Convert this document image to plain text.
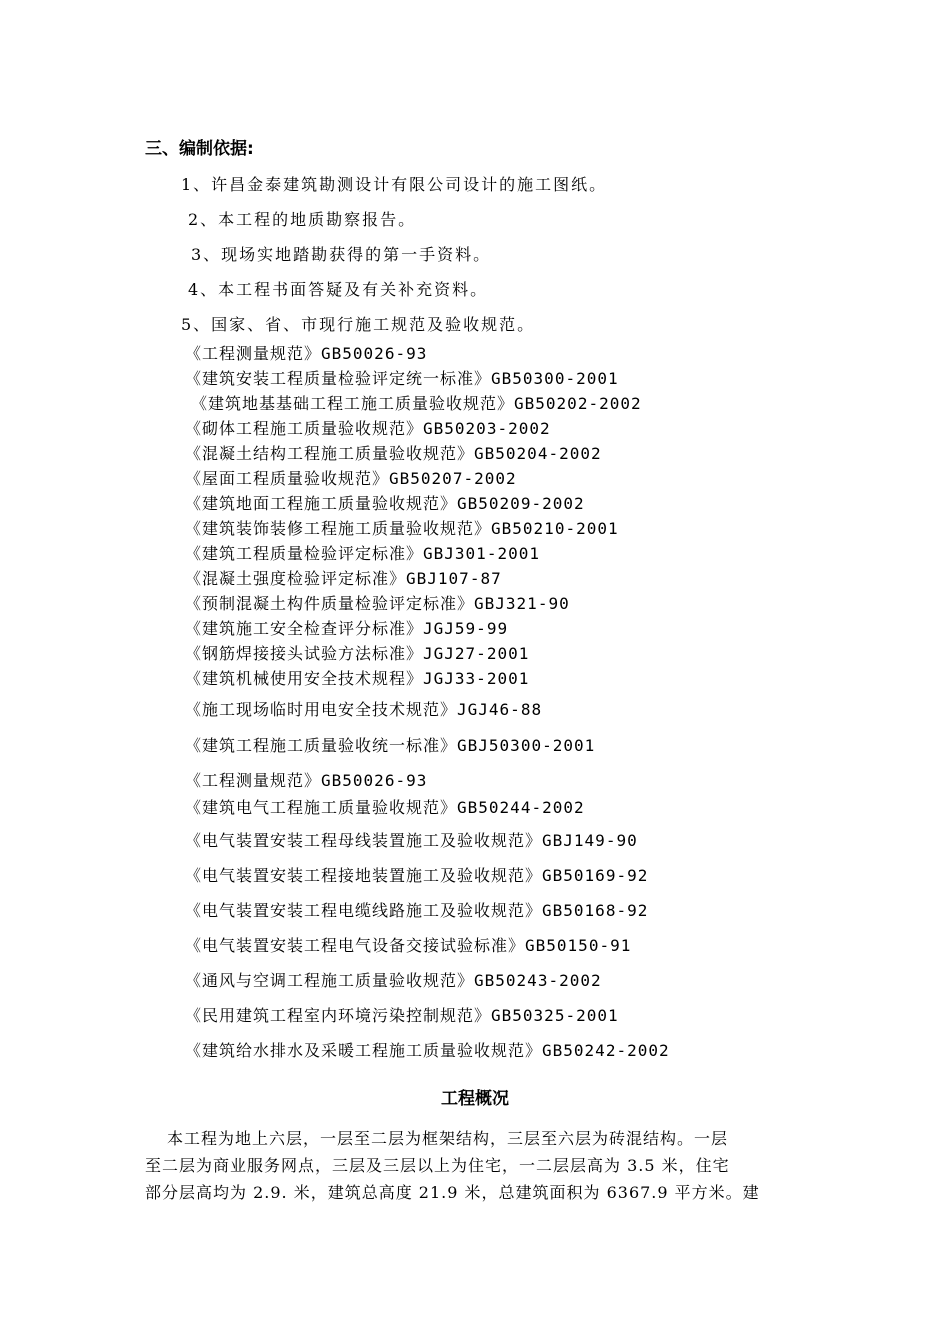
三、编制依据:
1、许昌金泰建筑勘测设计有限公司设计的施工图纸。
2、本工程的地质勘察报告。
3、现场实地踏勘获得的第一手资料。
4、本工程书面答疑及有关补充资料。
5、国家、省、市现行施工规范及验收规范。
《工程测量规范》GB50026-93
《建筑安装工程质量检验评定统一标准》GB50300-2001
《建筑地基基础工程工施工质量验收规范》GB50202-2002
《砌体工程施工质量验收规范》GB50203-2002
《混凝土结构工程施工质量验收规范》GB50204-2002
《屋面工程质量验收规范》GB50207-2002
《建筑地面工程施工质量验收规范》GB50209-2002
《建筑装饰装修工程施工质量验收规范》GB50210-2001
《建筑工程质量检验评定标准》GBJ301-2001
《混凝土强度检验评定标准》GBJ107-87
《预制混凝土构件质量检验评定标准》GBJ321-90
《建筑施工安全检查评分标准》JGJ59-99
《钢筋焊接接头试验方法标准》JGJ27-2001
《建筑机械使用安全技术规程》JGJ33-2001
《施工现场临时用电安全技术规范》JGJ46-88
《建筑工程施工质量验收统一标准》GBJ50300-2001
《工程测量规范》GB50026-93
《建筑电气工程施工质量验收规范》GB50244-2002
《电气装置安装工程母线装置施工及验收规范》GBJ149-90
《电气装置安装工程接地装置施工及验收规范》GB50169-92
《电气装置安装工程电缆线路施工及验收规范》GB50168-92
《电气装置安装工程电气设备交接试验标准》GB50150-91
《通风与空调工程施工质量验收规范》GB50243-2002
《民用建筑工程室内环境污染控制规范》GB50325-2001
《建筑给水排水及采暖工程施工质量验收规范》GB50242-2002
工程概况
本工程为地上六层，一层至二层为框架结构，三层至六层为砖混结构。一层
至二层为商业服务网点，三层及三层以上为住宅，一二层层高为 3.5 米，住宅
部分层高均为 2.9. 米，建筑总高度 21.9 米，总建筑面积为 6367.9 平方米。建
